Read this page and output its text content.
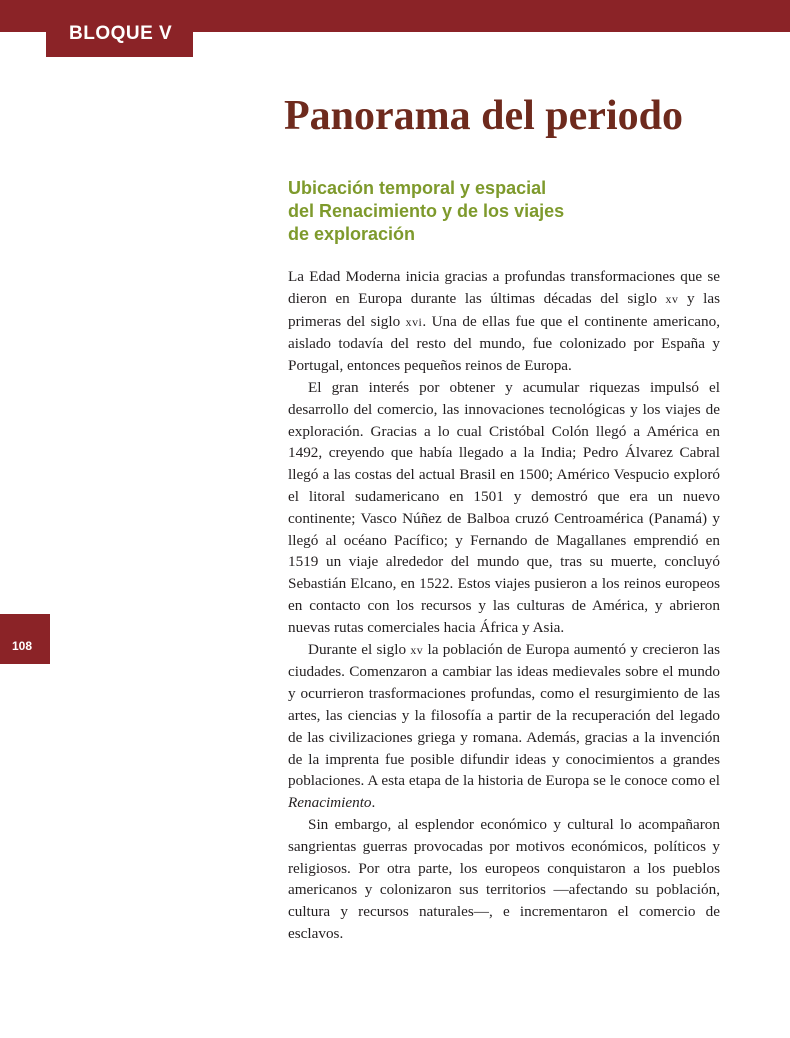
BLOQUE V
Panorama del periodo
Ubicación temporal y espacial
del Renacimiento y de los viajes
de exploración

La Edad Moderna inicia gracias a profundas transformaciones que se dieron en Europa durante las últimas décadas del siglo xv y las primeras del siglo xvi. Una de ellas fue que el continente americano, aislado todavía del resto del mundo, fue colonizado por España y Portugal, entonces pequeños reinos de Europa.

El gran interés por obtener y acumular riquezas impulsó el desarrollo del comercio, las innovaciones tecnológicas y los viajes de exploración. Gracias a lo cual Cristóbal Colón llegó a América en 1492, creyendo que había llegado a la India; Pedro Álvarez Cabral llegó a las costas del actual Brasil en 1500; Américo Vespucio exploró el litoral sudamericano en 1501 y demostró que era un nuevo continente; Vasco Núñez de Balboa cruzó Centroamérica (Panamá) y llegó al océano Pacífico; y Fernando de Magallanes emprendió en 1519 un viaje alrededor del mundo que, tras su muerte, concluyó Sebastián Elcano, en 1522. Estos viajes pusieron a los reinos europeos en contacto con los recursos y las culturas de América, y abrieron nuevas rutas comerciales hacia África y Asia.

Durante el siglo xv la población de Europa aumentó y crecieron las ciudades. Comenzaron a cambiar las ideas medievales sobre el mundo y ocurrieron trasformaciones profundas, como el resurgimiento de las artes, las ciencias y la filosofía a partir de la recuperación del legado de las civilizaciones griega y romana. Además, gracias a la invención de la imprenta fue posible difundir ideas y conocimientos a grandes poblaciones. A esta etapa de la historia de Europa se le conoce como el Renacimiento.

Sin embargo, al esplendor económico y cultural lo acompañaron sangrientas guerras provocadas por motivos económicos, políticos y religiosos. Por otra parte, los europeos conquistaron a los pueblos americanos y colonizaron sus territorios —afectando su población, cultura y recursos naturales—, e incrementaron el comercio de esclavos.

108
